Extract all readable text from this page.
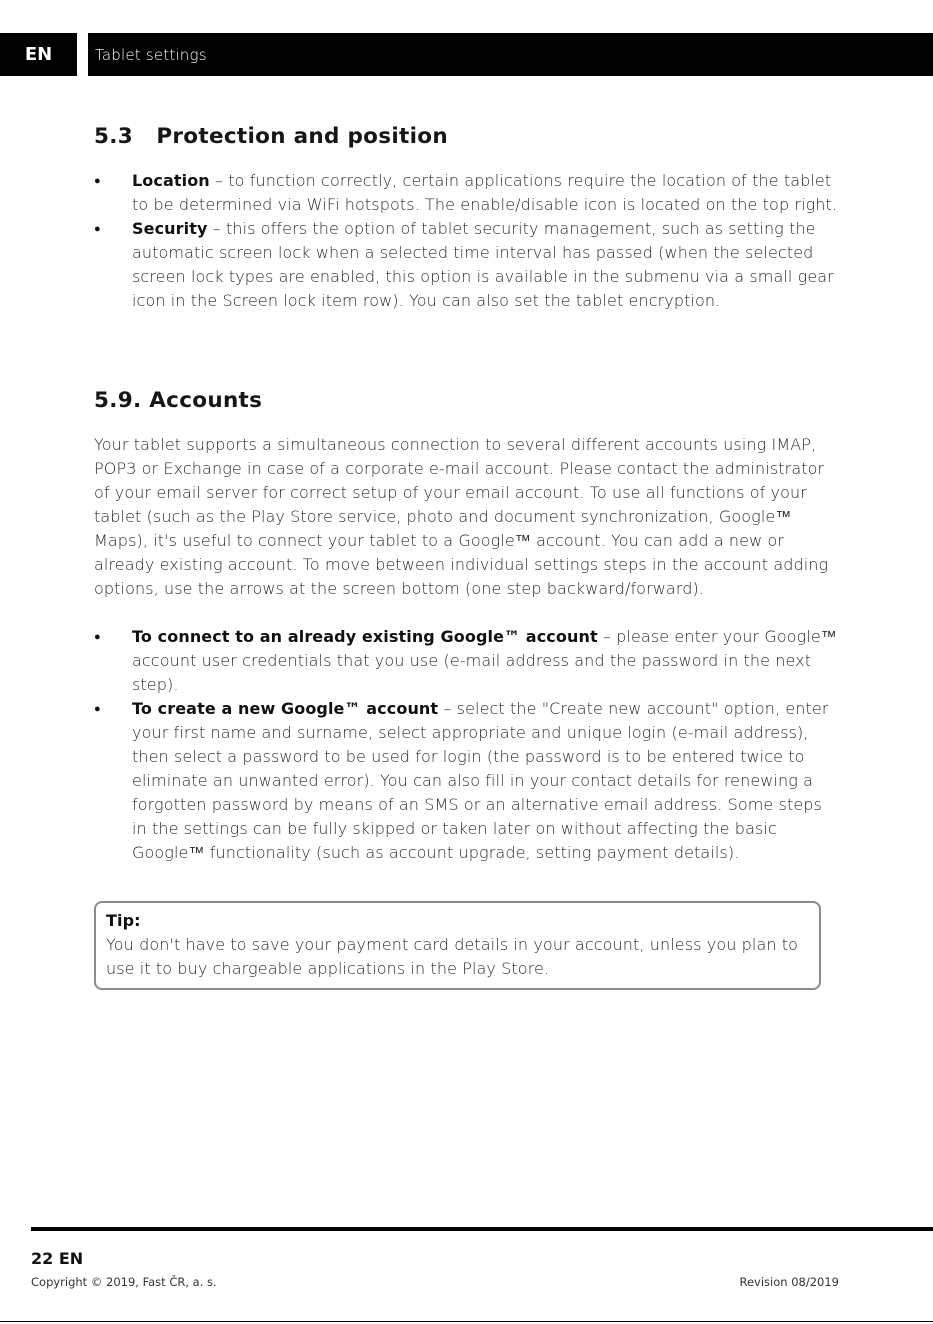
EN	Tablet settings
5.3   Protection and position
● Location – to function correctly, certain applications require the location of the tablet to be determined via WiFi hotspots. The enable/disable icon is located on the top right.
● Security – this offers the option of tablet security management, such as setting the automatic screen lock when a selected time interval has passed (when the selected screen lock types are enabled, this option is available in the submenu via a small gear icon in the Screen lock item row). You can also set the tablet encryption.
5.9. Accounts

Your tablet supports a simultaneous connection to several different accounts using IMAP, POP3 or Exchange in case of a corporate e-mail account. Please contact the administrator of your email server for correct setup of your email account. To use all functions of your tablet (such as the Play Store service, photo and document synchronization, Google™ Maps), it's useful to connect your tablet to a Google™ account. You can add a new or already existing account. To move between individual settings steps in the account adding options, use the arrows at the screen bottom (one step backward/forward).

● To connect to an already existing Google™ account – please enter your Google™ account user credentials that you use (e-mail address and the password in the next step).
● To create a new Google™ account – select the "Create new account" option, enter your first name and surname, select appropriate and unique login (e-mail address), then select a password to be used for login (the password is to be entered twice to eliminate an unwanted error). You can also fill in your contact details for renewing a forgotten password by means of an SMS or an alternative email address. Some steps in the settings can be fully skipped or taken later on without affecting the basic Google™ functionality (such as account upgrade, setting payment details).

Tip:

You don't have to save your payment card details in your account, unless you plan to use it to buy chargeable applications in the Play Store.

22 EN
Copyright © 2019, Fast ČR, a. s.	Revision 08/2019
